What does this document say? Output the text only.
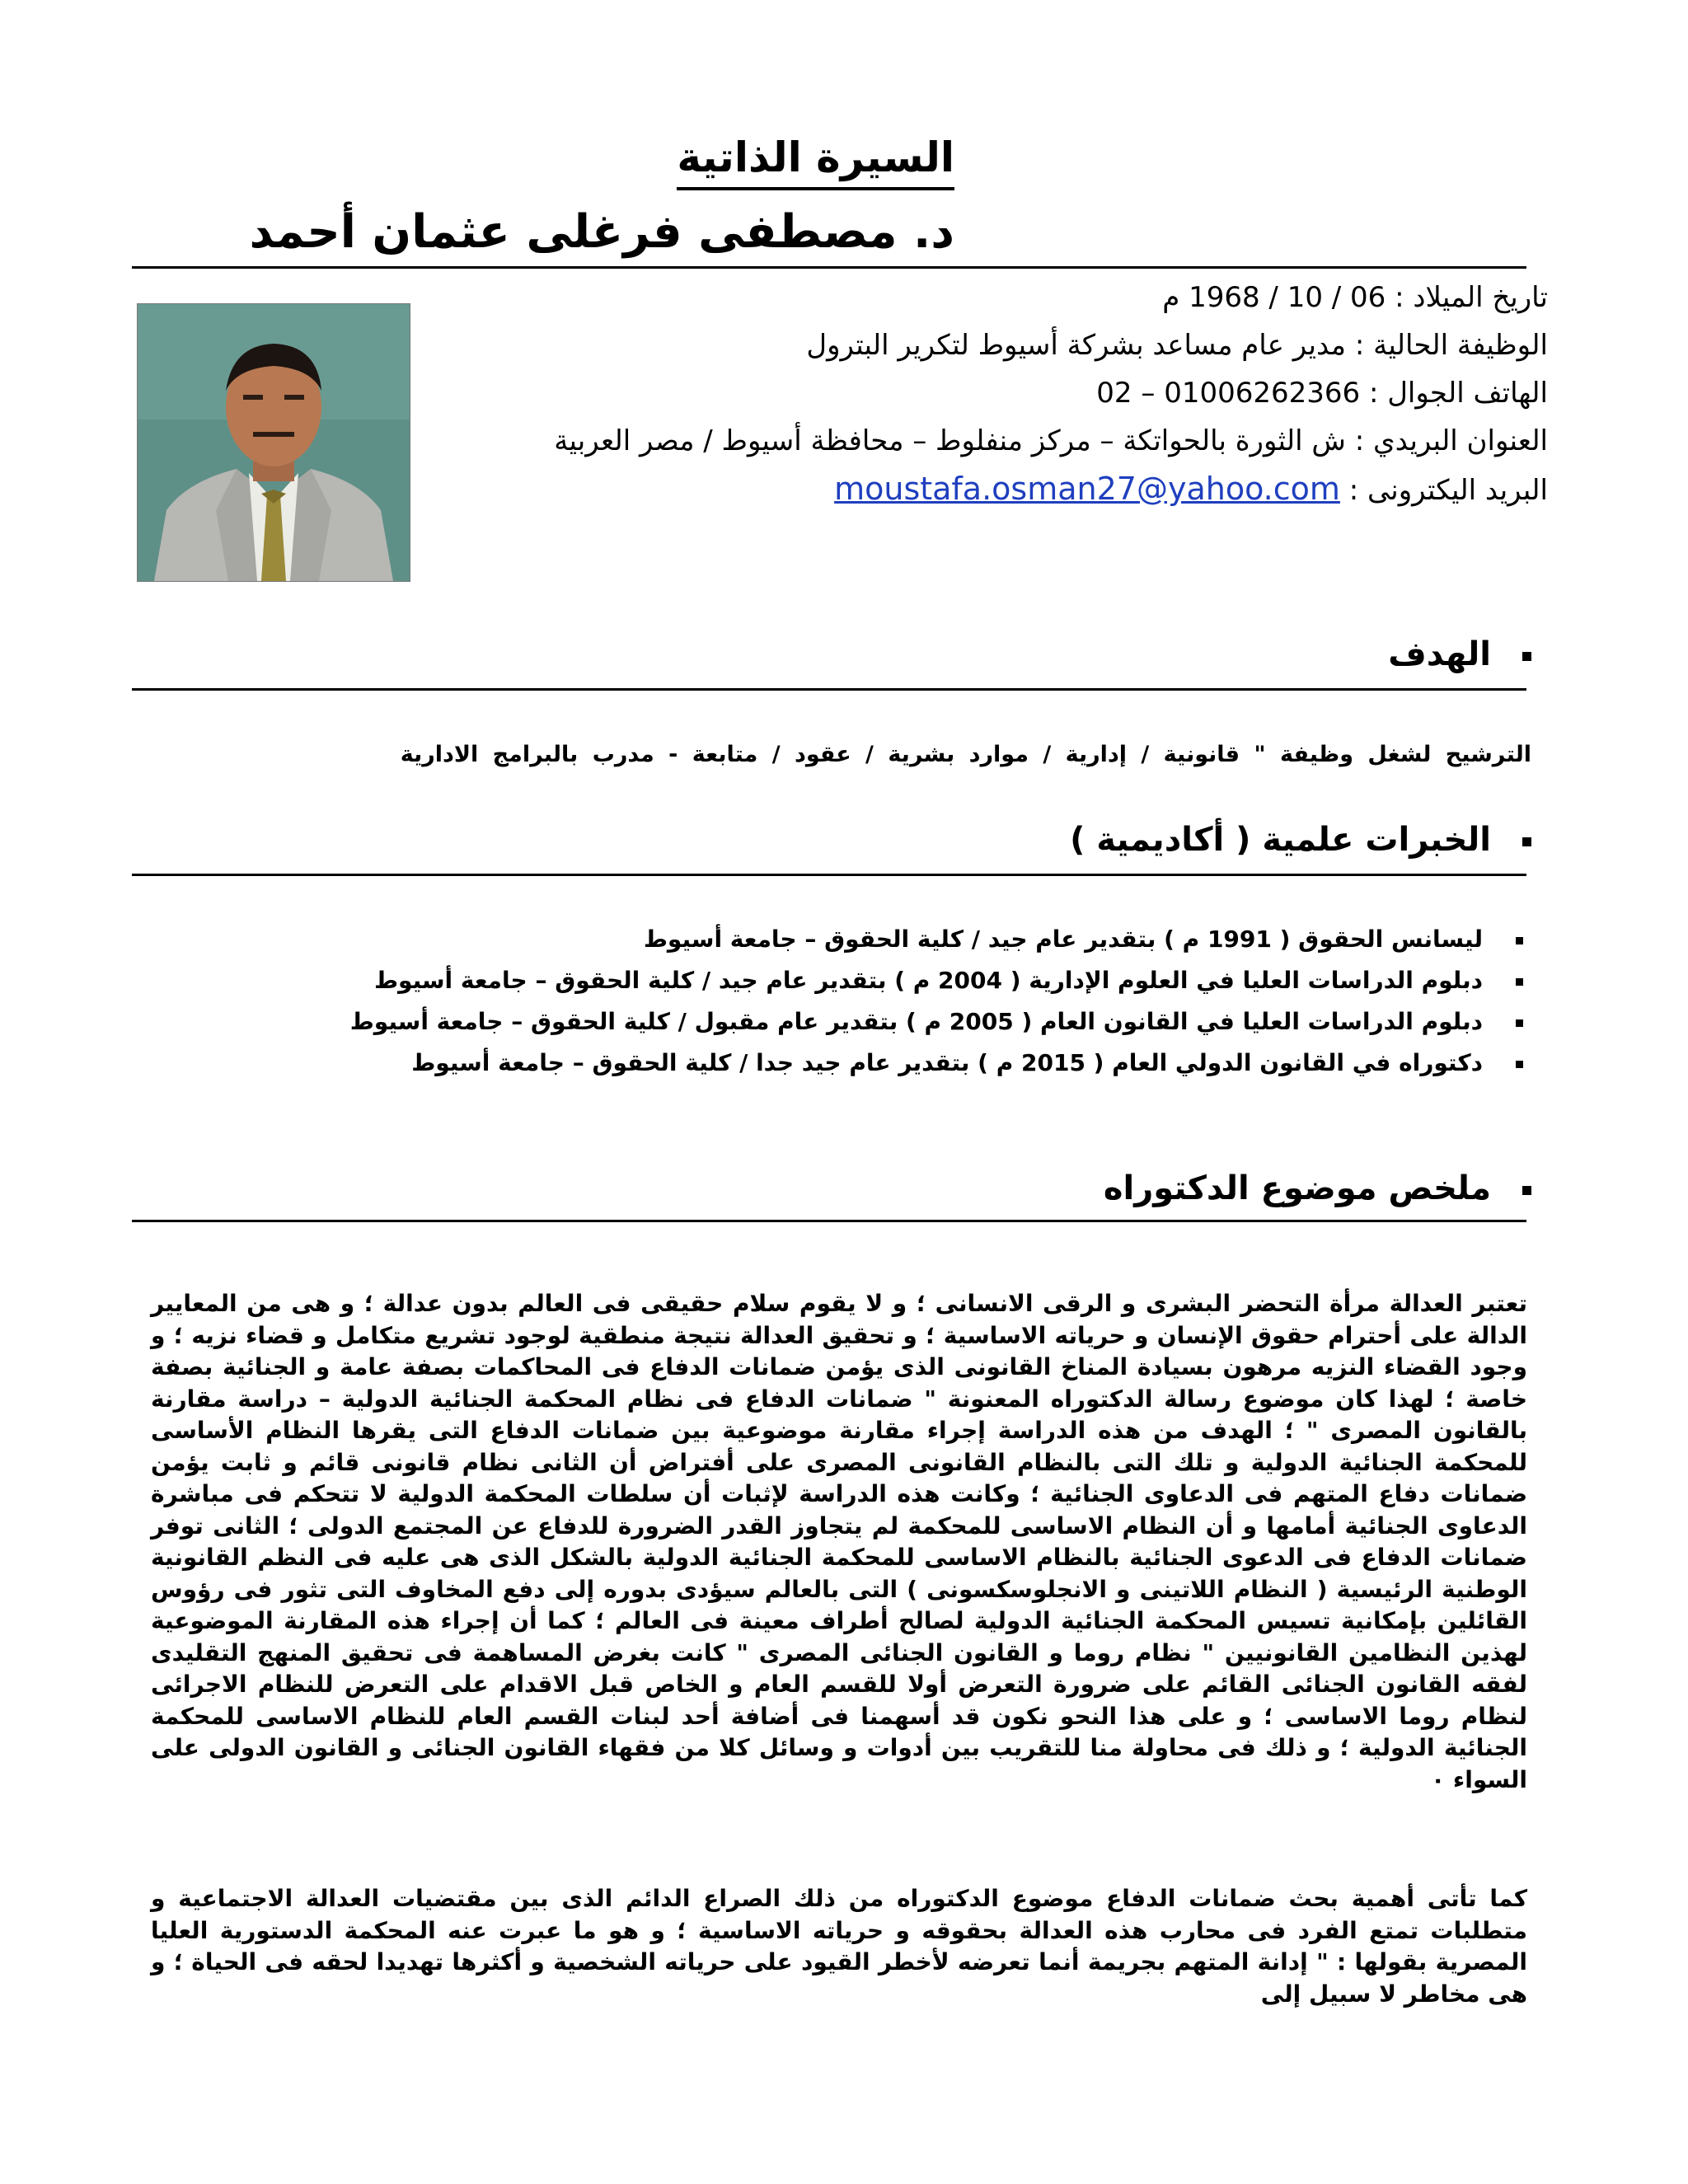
السيرة الذاتية
د. مصطفى فرغلى عثمان أحمد
تاريخ الميلاد : 06 / 10 / 1968 م
الوظيفة الحالية : مدير عام مساعد بشركة أسيوط لتكرير البترول
الهاتف الجوال : 01006262366 – 02
العنوان البريدي : ش الثورة بالحواتكة – مركز منفلوط – محافظة أسيوط / مصر العربية
البريد اليكترونى : moustafa.osman27@yahoo.com
الهدف
الترشيح لشغل وظيفة " قانونية / إدارية / موارد بشرية / عقود / متابعة - مدرب بالبرامج الادارية
الخبرات علمية ( أكاديمية )
ليسانس الحقوق ( 1991 م ) بتقدير عام جيد / كلية الحقوق – جامعة أسيوط
دبلوم الدراسات العليا في العلوم الإدارية ( 2004 م ) بتقدير عام جيد / كلية الحقوق – جامعة أسيوط
دبلوم الدراسات العليا في القانون العام ( 2005 م ) بتقدير عام مقبول / كلية الحقوق – جامعة أسيوط
دكتوراه في القانون الدولي العام ( 2015 م ) بتقدير عام جيد جدا / كلية الحقوق – جامعة أسيوط
ملخص موضوع الدكتوراه

تعتبر العدالة مرأة التحضر البشرى و الرقى الانسانى ؛ و لا يقوم سلام حقيقى فى العالم بدون عدالة ؛ و هى من المعايير الدالة على أحترام حقوق الإنسان و حرياته الاساسية ؛ و تحقيق العدالة نتيجة منطقية لوجود تشريع متكامل و قضاء نزيه ؛ و وجود القضاء النزيه مرهون بسيادة المناخ القانونى الذى يؤمن ضمانات الدفاع فى المحاكمات بصفة عامة و الجنائية بصفة خاصة ؛ لهذا كان موضوع رسالة الدكتوراه المعنونة " ضمانات الدفاع فى نظام المحكمة الجنائية الدولية – دراسة مقارنة بالقانون المصرى " ؛ الهدف من هذه الدراسة إجراء مقارنة موضوعية بين ضمانات الدفاع التى يقرها النظام الأساسى للمحكمة الجنائية الدولية و تلك التى بالنظام القانونى المصرى على أفتراض أن الثانى نظام قانونى قائم و ثابت يؤمن ضمانات دفاع المتهم فى الدعاوى الجنائية ؛ وكانت هذه الدراسة لإثبات أن سلطات المحكمة الدولية لا تتحكم فى مباشرة الدعاوى الجنائية أمامها و أن النظام الاساسى للمحكمة لم يتجاوز القدر الضرورة للدفاع عن المجتمع الدولى ؛ الثانى توفر ضمانات الدفاع فى الدعوى الجنائية بالنظام الاساسى للمحكمة الجنائية الدولية بالشكل الذى هى عليه فى النظم القانونية الوطنية الرئيسية ( النظام اللاتينى و الانجلوسكسونى ) التى بالعالم سيؤدى بدوره إلى دفع المخاوف التى تثور فى رؤوس القائلين بإمكانية تسيس المحكمة الجنائية الدولية لصالح أطراف معينة فى العالم ؛ كما أن إجراء هذه المقارنة الموضوعية لهذين النظامين القانونيين " نظام روما و القانون الجنائى المصرى " كانت بغرض المساهمة فى تحقيق المنهج التقليدى لفقه القانون الجنائى القائم على ضرورة التعرض أولا للقسم العام و الخاص قبل الاقدام على التعرض للنظام الاجرائى لنظام روما الاساسى ؛ و على هذا النحو نكون قد أسهمنا فى أضافة أحد لبنات القسم العام للنظام الاساسى للمحكمة الجنائية الدولية ؛ و ذلك فى محاولة منا للتقريب بين أدوات و وسائل كلا من فقهاء القانون الجنائى و القانون الدولى على السواء ٠

كما تأتى أهمية بحث ضمانات الدفاع موضوع الدكتوراه من ذلك الصراع الدائم الذى بين مقتضيات العدالة الاجتماعية و متطلبات تمتع الفرد فى محارب هذه العدالة بحقوقه و حرياته الاساسية ؛ و هو ما عبرت عنه المحكمة الدستورية العليا المصرية بقولها : " إدانة المتهم بجريمة أنما تعرضه لأخطر القيود على حرياته الشخصية و أكثرها تهديدا لحقه فى الحياة ؛ و هى مخاطر لا سبيل إلى
